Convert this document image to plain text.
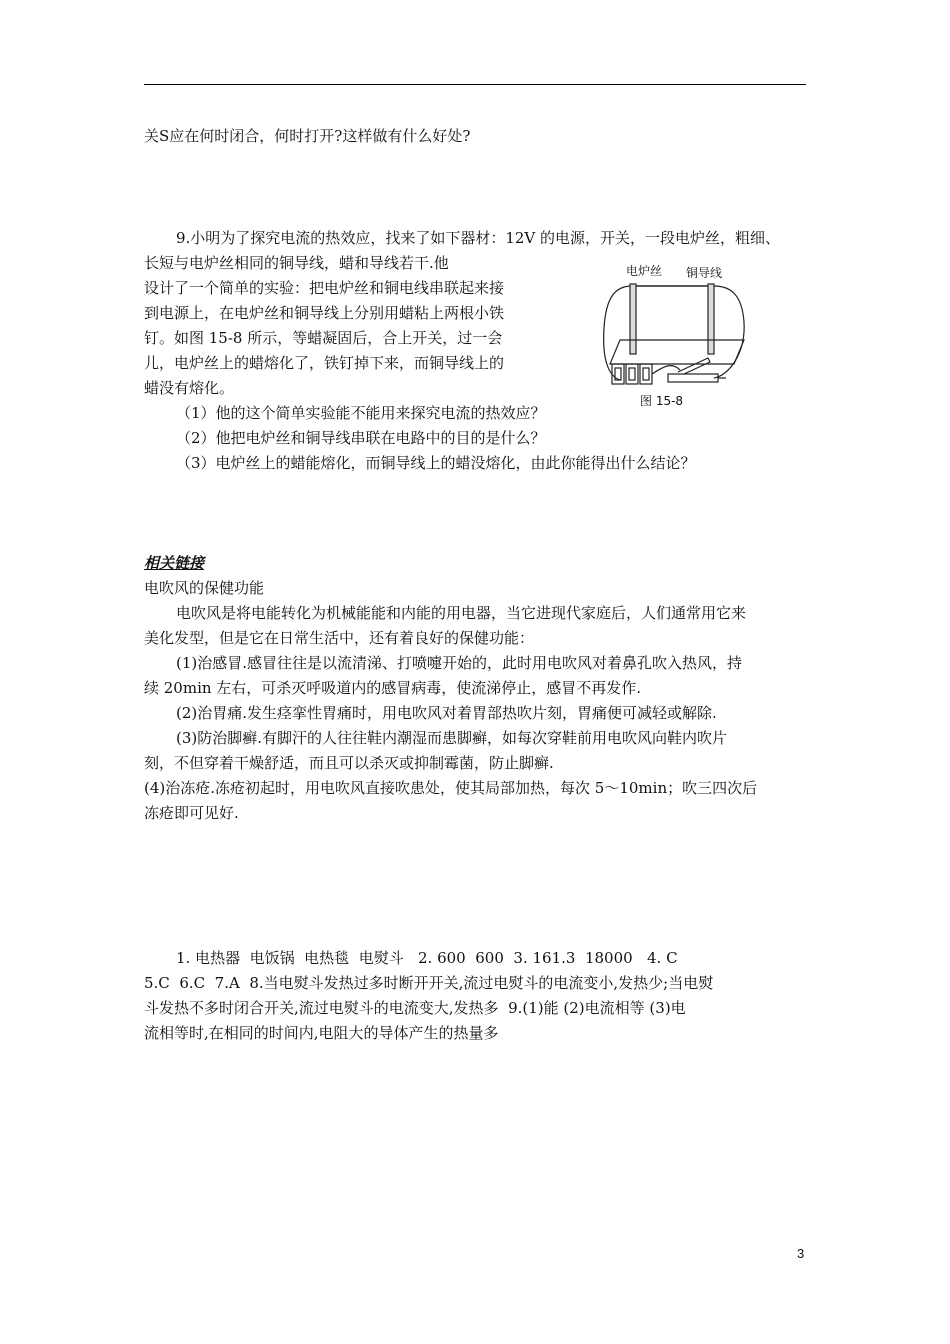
关S应在何时闭合，何时打开?这样做有什么好处?
9.小明为了探究电流的热效应，找来了如下器材：12V 的电源，开关，一段电炉丝，粗细、
长短与电炉丝相同的铜导线，蜡和导线若干.他
设计了一个简单的实验：把电炉丝和铜电线串联起来接
到电源上，在电炉丝和铜导线上分别用蜡粘上两根小铁
钉。如图 15-8 所示，等蜡凝固后，合上开关，过一会
儿，电炉丝上的蜡熔化了，铁钉掉下来，而铜导线上的
蜡没有熔化。
（1）他的这个简单实验能不能用来探究电流的热效应？
（2）他把电炉丝和铜导线串联在电路中的目的是什么？
（3）电炉丝上的蜡能熔化，而铜导线上的蜡没熔化，由此你能得出什么结论？
电炉丝 铜导线
图 15-8
相关链接
电吹风的保健功能
电吹风是将电能转化为机械能能和内能的用电器，当它进现代家庭后，人们通常用它来
美化发型，但是它在日常生活中，还有着良好的保健功能：
(1)治感冒.感冒往往是以流清涕、打喷嚏开始的，此时用电吹风对着鼻孔吹入热风，持
续 20min 左右，可杀灭呼吸道内的感冒病毒，使流涕停止，感冒不再发作.
(2)治胃痛.发生痉挛性胃痛时，用电吹风对着胃部热吹片刻，胃痛便可减轻或解除.
(3)防治脚癣.有脚汗的人往往鞋内潮湿而患脚癣，如每次穿鞋前用电吹风向鞋内吹片
刻，不但穿着干燥舒适，而且可以杀灭或抑制霉菌，防止脚癣.
(4)治冻疮.冻疮初起时，用电吹风直接吹患处，使其局部加热，每次 5～10min；吹三四次后
冻疮即可见好.
1. 电热器  电饭锅  电热毯  电熨斗   2. 600  600  3. 161.3  18000   4. C
5.C  6.C  7.A  8.当电熨斗发热过多时断开开关,流过电熨斗的电流变小,发热少;当电熨
斗发热不多时闭合开关,流过电熨斗的电流变大,发热多  9.(1)能 (2)电流相等 (3)电
流相等时,在相同的时间内,电阻大的导体产生的热量多
3
